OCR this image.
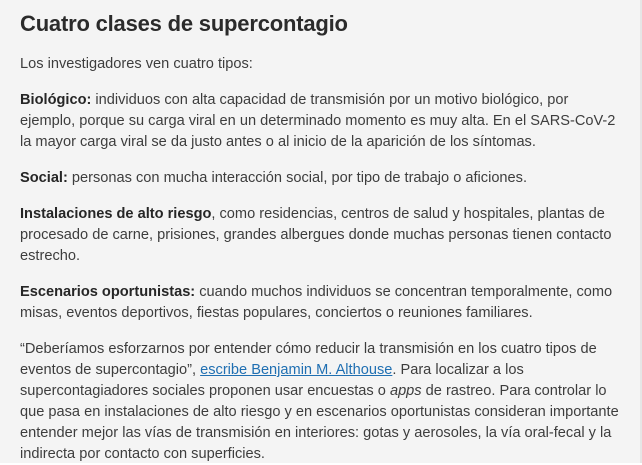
Cuatro clases de supercontagio

Los investigadores ven cuatro tipos:

Biológico: individuos con alta capacidad de transmisión por un motivo biológico, por ejemplo, porque su carga viral en un determinado momento es muy alta. En el SARS-CoV-2 la mayor carga viral se da justo antes o al inicio de la aparición de los síntomas.

Social: personas con mucha interacción social, por tipo de trabajo o aficiones.

Instalaciones de alto riesgo, como residencias, centros de salud y hospitales, plantas de procesado de carne, prisiones, grandes albergues donde muchas personas tienen contacto estrecho.

Escenarios oportunistas: cuando muchos individuos se concentran temporalmente, como misas, eventos deportivos, fiestas populares, conciertos o reuniones familiares.

“Deberíamos esforzarnos por entender cómo reducir la transmisión en los cuatro tipos de eventos de supercontagio”, escribe Benjamin M. Althouse. Para localizar a los supercontagiadores sociales proponen usar encuestas o apps de rastreo. Para controlar lo que pasa en instalaciones de alto riesgo y en escenarios oportunistas consideran importante entender mejor las vías de transmisión en interiores: gotas y aerosoles, la vía oral-fecal y la indirecta por contacto con superficies.
